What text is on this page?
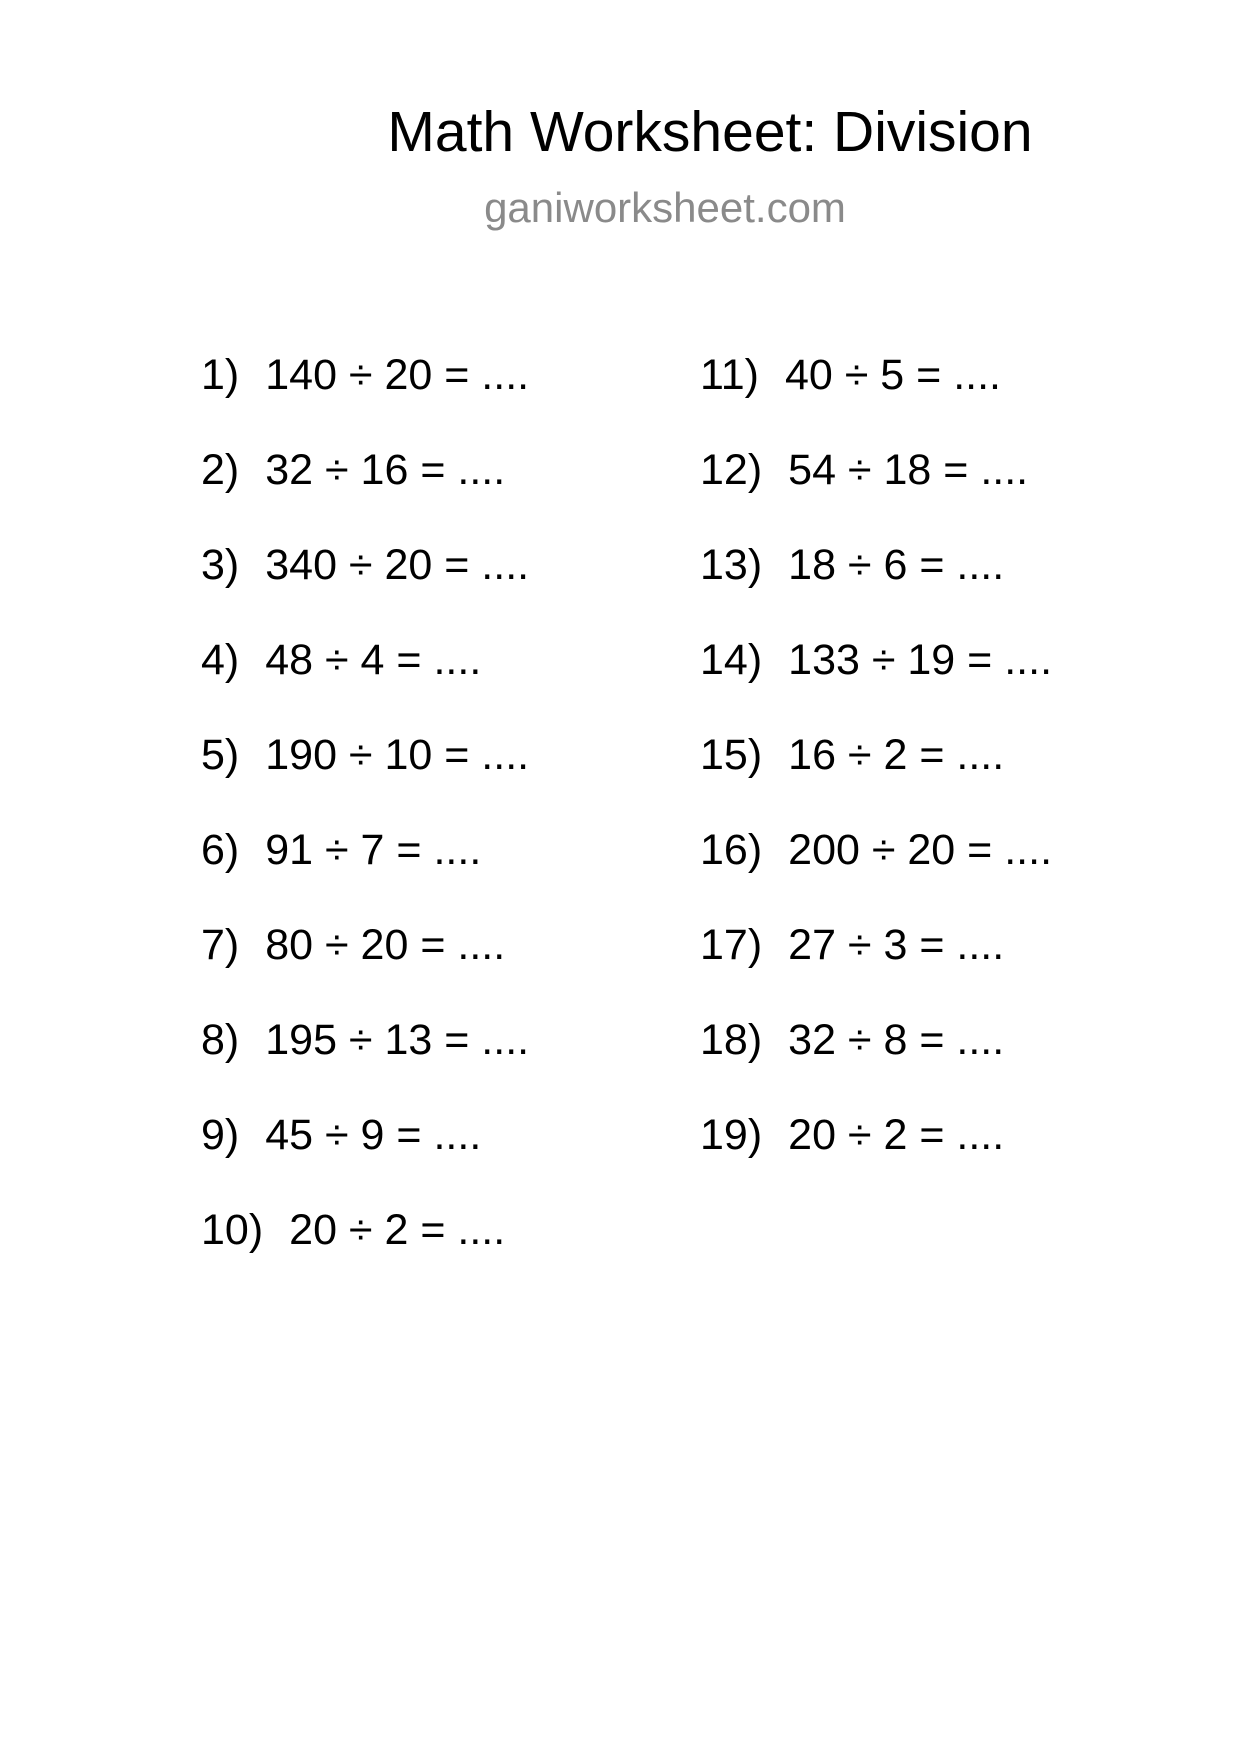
Math Worksheet: Division
ganiworksheet.com
1) 140 ÷ 20 = ....
2) 32 ÷ 16 = ....
3) 340 ÷ 20 = ....
4) 48 ÷ 4 = ....
5) 190 ÷ 10 = ....
6) 91 ÷ 7 = ....
7) 80 ÷ 20 = ....
8) 195 ÷ 13 = ....
9) 45 ÷ 9 = ....
10) 20 ÷ 2 = ....
11) 40 ÷ 5 = ....
12) 54 ÷ 18 = ....
13) 18 ÷ 6 = ....
14) 133 ÷ 19 = ....
15) 16 ÷ 2 = ....
16) 200 ÷ 20 = ....
17) 27 ÷ 3 = ....
18) 32 ÷ 8 = ....
19) 20 ÷ 2 = ....
